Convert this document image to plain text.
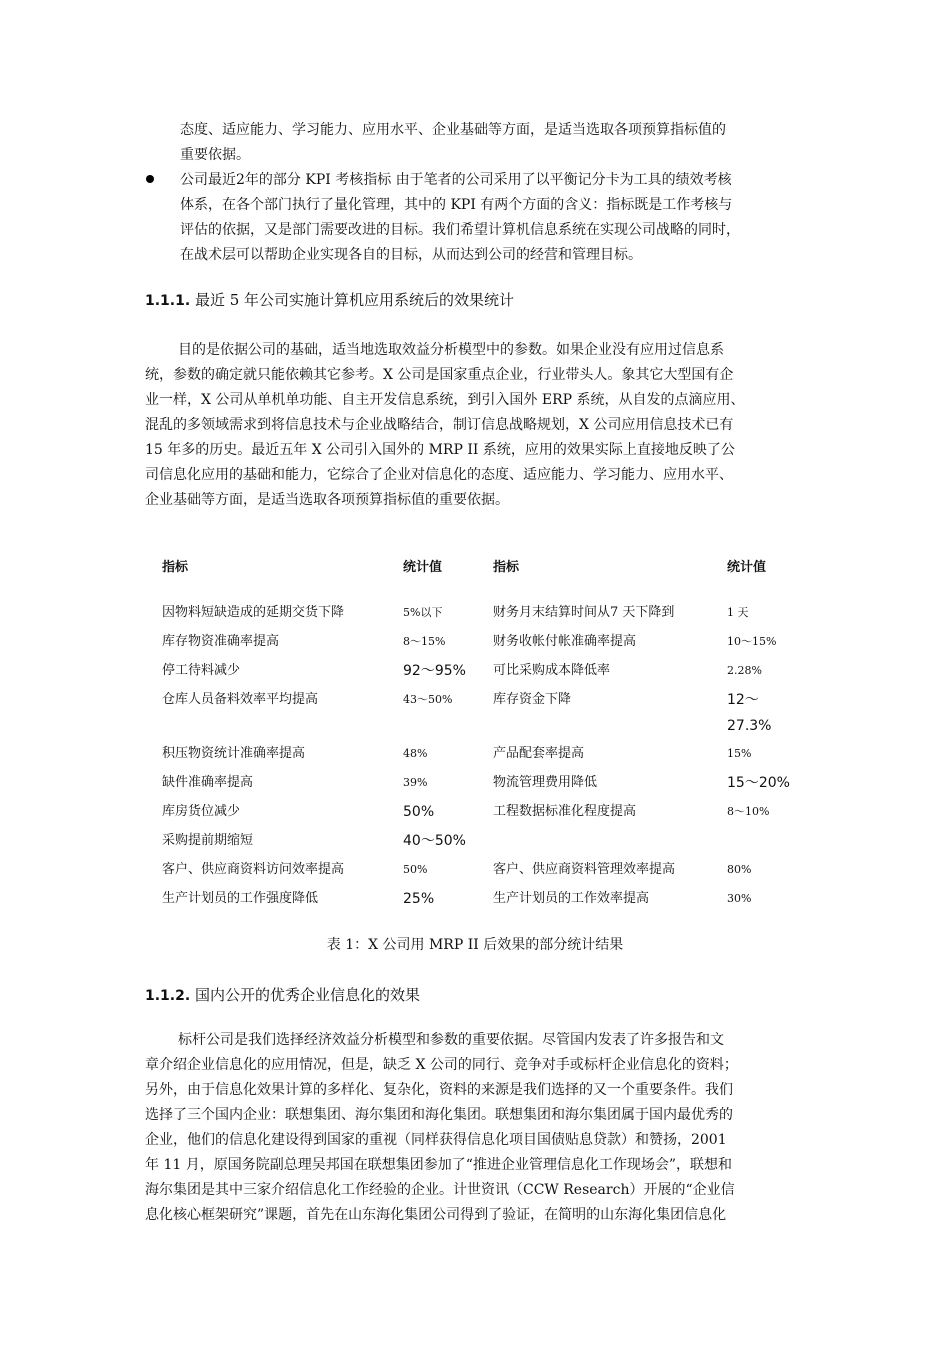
态度、适应能力、学习能力、应用水平、企业基础等方面，是适当选取各项预算指标值的
重要依据。
公司最近2年的部分 KPI 考核指标 由于笔者的公司采用了以平衡记分卡为工具的绩效考核
体系，在各个部门执行了量化管理，其中的 KPI 有两个方面的含义：指标既是工作考核与
评估的依据，又是部门需要改进的目标。我们希望计算机信息系统在实现公司战略的同时，
在战术层可以帮助企业实现各自的目标，从而达到公司的经营和管理目标。
1.1.1. 最近 5 年公司实施计算机应用系统后的效果统计
目的是依据公司的基础，适当地选取效益分析模型中的参数。如果企业没有应用过信息系
统，参数的确定就只能依赖其它参考。X 公司是国家重点企业，行业带头人。象其它大型国有企
业一样，X 公司从单机单功能、自主开发信息系统，到引入国外 ERP 系统，从自发的点滴应用、
混乱的多领域需求到将信息技术与企业战略结合，制订信息战略规划，X 公司应用信息技术已有
15 年多的历史。最近五年 X 公司引入国外的 MRP II 系统，应用的效果实际上直接地反映了公
司信息化应用的基础和能力，它综合了企业对信息化的态度、适应能力、学习能力、应用水平、
企业基础等方面，是适当选取各项预算指标值的重要依据。
指标	统计值	指标	统计值
因物料短缺造成的延期交货下降	5%以下	财务月末结算时间从7 天下降到	1 天
库存物资准确率提高	8～15%	财务收帐付帐准确率提高	10～15%
停工待料减少	92～95% 可比采购成本降低率	2.28%
仓库人员备料效率平均提高	43～50%	库存资金下降	12～
27.3%
积压物资统计准确率提高	48%	产品配套率提高	15%
缺件准确率提高	39%	物流管理费用降低	15～20%
库房货位减少	50%	工程数据标准化程度提高	8～10%
采购提前期缩短	40～50%
客户、供应商资料访问效率提高	50%	客户、供应商资料管理效率提高	80%
生产计划员的工作强度降低	25%	生产计划员的工作效率提高	30%
表 1：X 公司用 MRP II 后效果的部分统计结果
1.1.2. 国内公开的优秀企业信息化的效果
标杆公司是我们选择经济效益分析模型和参数的重要依据。尽管国内发表了许多报告和文
章介绍企业信息化的应用情况，但是，缺乏 X 公司的同行、竞争对手或标杆企业信息化的资料；
另外，由于信息化效果计算的多样化、复杂化，资料的来源是我们选择的又一个重要条件。我们
选择了三个国内企业：联想集团、海尔集团和海化集团。联想集团和海尔集团属于国内最优秀的
企业，他们的信息化建设得到国家的重视（同样获得信息化项目国债贴息贷款）和赞扬，2001
年 11 月，原国务院副总理吴邦国在联想集团参加了“推进企业管理信息化工作现场会”，联想和
海尔集团是其中三家介绍信息化工作经验的企业。计世资讯（CCW Research）开展的“企业信
息化核心框架研究”课题，首先在山东海化集团公司得到了验证，在简明的山东海化集团信息化
